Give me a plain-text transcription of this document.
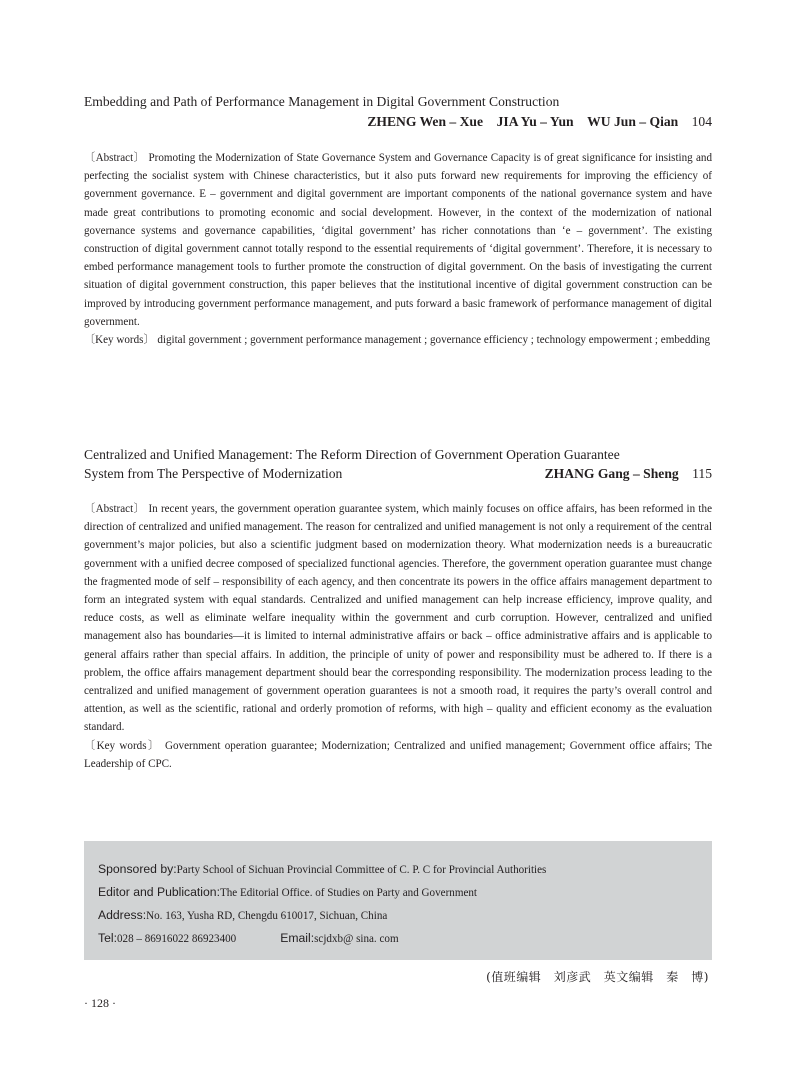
Embedding and Path of Performance Management in Digital Government Construction

ZHENG Wen – Xue JIA Yu – Yun WU Jun – Qian 104

〔Abstract〕 Promoting the Modernization of State Governance System and Governance Capacity is of great significance for insisting and perfecting the socialist system with Chinese characteristics, but it also puts forward new requirements for improving the efficiency of government governance. E – government and digital government are important components of the national governance system and have made great contributions to promoting economic and social development. However, in the context of the modernization of national governance systems and governance capabilities, ‘digital government’ has richer connotations than ‘e – government’. The existing construction of digital government cannot totally respond to the essential requirements of ‘digital government’. Therefore, it is necessary to embed performance management tools to further promote the construction of digital government. On the basis of investigating the current situation of digital government construction, this paper believes that the institutional incentive of digital government construction can be improved by introducing government performance management, and puts forward a basic framework of performance management of digital government.

〔Key words〕 digital government ; government performance management ; governance efficiency ; technology empowerment ; embedding

Centralized and Unified Management: The Reform Direction of Government Operation Guarantee

System from The Perspective of Modernization	ZHANG Gang – Sheng 115

〔Abstract〕 In recent years, the government operation guarantee system, which mainly focuses on office affairs, has been reformed in the direction of centralized and unified management. The reason for centralized and unified management is not only a requirement of the central government’s major policies, but also a scientific judgment based on modernization theory. What modernization needs is a bureaucratic government with a unified decree composed of specialized functional agencies. Therefore, the government operation guarantee must change the fragmented mode of self – responsibility of each agency, and then concentrate its powers in the office affairs management department to form an integrated system with equal standards. Centralized and unified management can help increase efficiency, improve quality, and reduce costs, as well as eliminate welfare inequality within the government and curb corruption. However, centralized and unified management also has boundaries—it is limited to internal administrative affairs or back – office administrative affairs and is applicable to general affairs rather than special affairs. In addition, the principle of unity of power and responsibility must be adhered to. If there is a problem, the office affairs management department should bear the corresponding responsibility. The modernization process leading to the centralized and unified management of government operation guarantees is not a smooth road, it requires the party’s overall control and attention, as well as the scientific, rational and orderly promotion of reforms, with high – quality and efficient economy as the evaluation standard.

〔Key words〕 Government operation guarantee; Modernization; Centralized and unified management; Government office affairs; The Leadership of CPC.

Sponsored by:Party School of Sichuan Provincial Committee of C. P. C for Provincial Authorities
Editor and Publication:The Editorial Office. of Studies on Party and Government
Address:No. 163, Yusha RD, Chengdu 610017, Sichuan, China
Tel:028 – 86916022 86923400	Email:scjdxb@ sina. com
(值班编辑　刘彦武　英文编辑　秦　博)
· 128 ·
